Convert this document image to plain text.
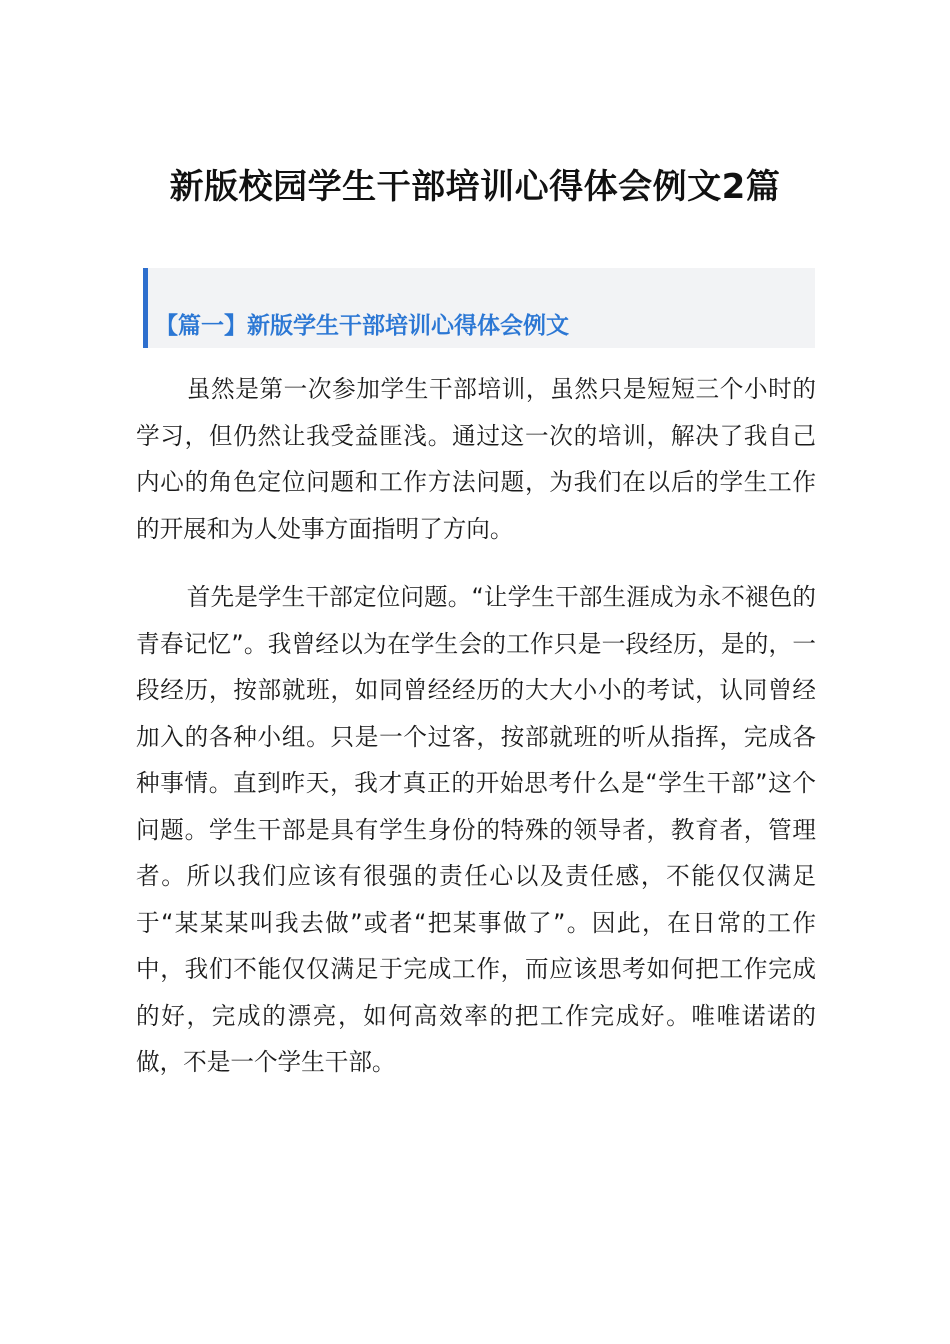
新版校园学生干部培训心得体会例文2篇
【篇一】新版学生干部培训心得体会例文

虽然是第一次参加学生干部培训，虽然只是短短三个小时的学习，但仍然让我受益匪浅。通过这一次的培训，解决了我自己内心的角色定位问题和工作方法问题，为我们在以后的学生工作的开展和为人处事方面指明了方向。

首先是学生干部定位问题。“让学生干部生涯成为永不褪色的青春记忆”。我曾经以为在学生会的工作只是一段经历，是的，一段经历，按部就班，如同曾经经历的大大小小的考试，认同曾经加入的各种小组。只是一个过客，按部就班的听从指挥，完成各种事情。直到昨天，我才真正的开始思考什么是“学生干部”这个问题。学生干部是具有学生身份的特殊的领导者，教育者，管理者。所以我们应该有很强的责任心以及责任感，不能仅仅满足于“某某某叫我去做”或者“把某事做了”。因此，在日常的工作中，我们不能仅仅满足于完成工作，而应该思考如何把工作完成的好，完成的漂亮，如何高效率的把工作完成好。唯唯诺诺的做，不是一个学生干部。
